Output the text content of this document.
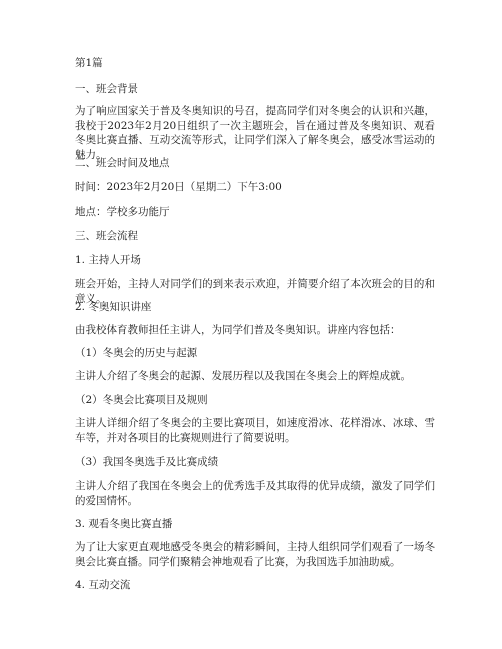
第1篇
一、班会背景
为了响应国家关于普及冬奥知识的号召，提高同学们对冬奥会的认识和兴趣，我校于2023年2月20日组织了一次主题班会，旨在通过普及冬奥知识、观看冬奥比赛直播、互动交流等形式，让同学们深入了解冬奥会，感受冰雪运动的魅力。
二、班会时间及地点
时间：2023年2月20日（星期二）下午3:00
地点：学校多功能厅
三、班会流程
1. 主持人开场
班会开始，主持人对同学们的到来表示欢迎，并简要介绍了本次班会的目的和意义。
2. 冬奥知识讲座
由我校体育教师担任主讲人，为同学们普及冬奥知识。讲座内容包括：
（1）冬奥会的历史与起源
主讲人介绍了冬奥会的起源、发展历程以及我国在冬奥会上的辉煌成就。
（2）冬奥会比赛项目及规则
主讲人详细介绍了冬奥会的主要比赛项目，如速度滑冰、花样滑冰、冰球、雪车等，并对各项目的比赛规则进行了简要说明。
（3）我国冬奥选手及比赛成绩
主讲人介绍了我国在冬奥会上的优秀选手及其取得的优异成绩，激发了同学们的爱国情怀。
3. 观看冬奥比赛直播
为了让大家更直观地感受冬奥会的精彩瞬间，主持人组织同学们观看了一场冬奥会比赛直播。同学们聚精会神地观看了比赛，为我国选手加油助威。
4. 互动交流
